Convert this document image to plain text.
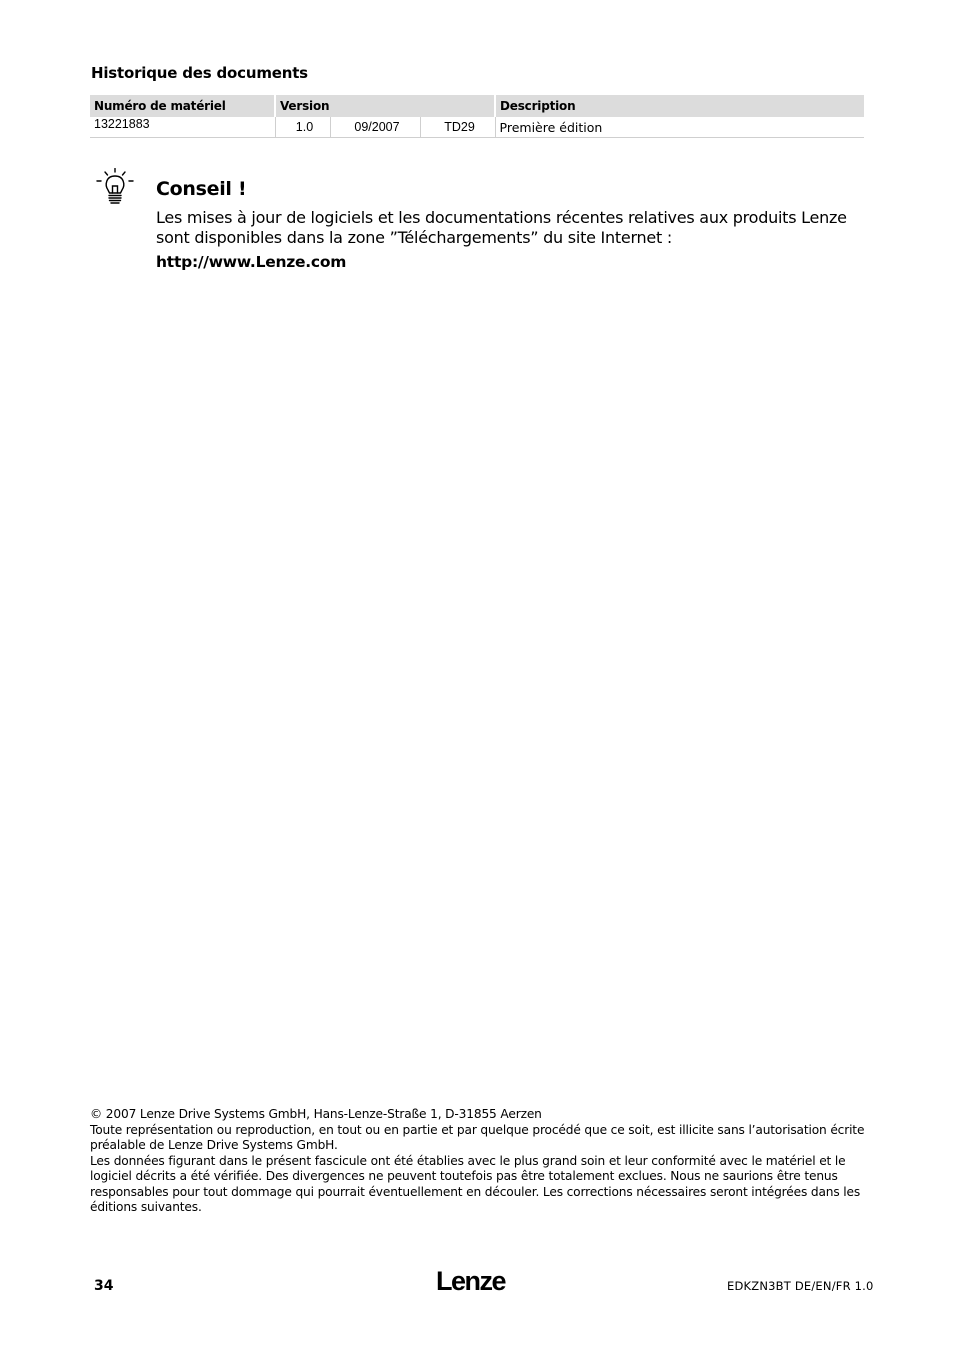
Historique des documents
Numéro de matériel	Version			Description
13221883	1.0	09/2007	TD29	Première édition
Conseil !
Les mises à jour de logiciels et les documentations récentes relatives aux produits Lenze sont disponibles dans la zone ”Téléchargements” du site Internet :
http://www.Lenze.com
© 2007 Lenze Drive Systems GmbH, Hans-Lenze-Straße 1, D-31855 Aerzen
Toute représentation ou reproduction, en tout ou en partie et par quelque procédé que ce soit, est illicite sans l’autorisation écrite préalable de Lenze Drive Systems GmbH.
Les données figurant dans le présent fascicule ont été établies avec le plus grand soin et leur conformité avec le matériel et le logiciel décrits a été vérifiée. Des divergences ne peuvent toutefois pas être totalement exclues. Nous ne saurions être tenus responsables pour tout dommage qui pourrait éventuellement en découler. Les corrections nécessaires seront intégrées dans les éditions suivantes.
34	Lenze	EDKZN3BT DE/EN/FR 1.0
